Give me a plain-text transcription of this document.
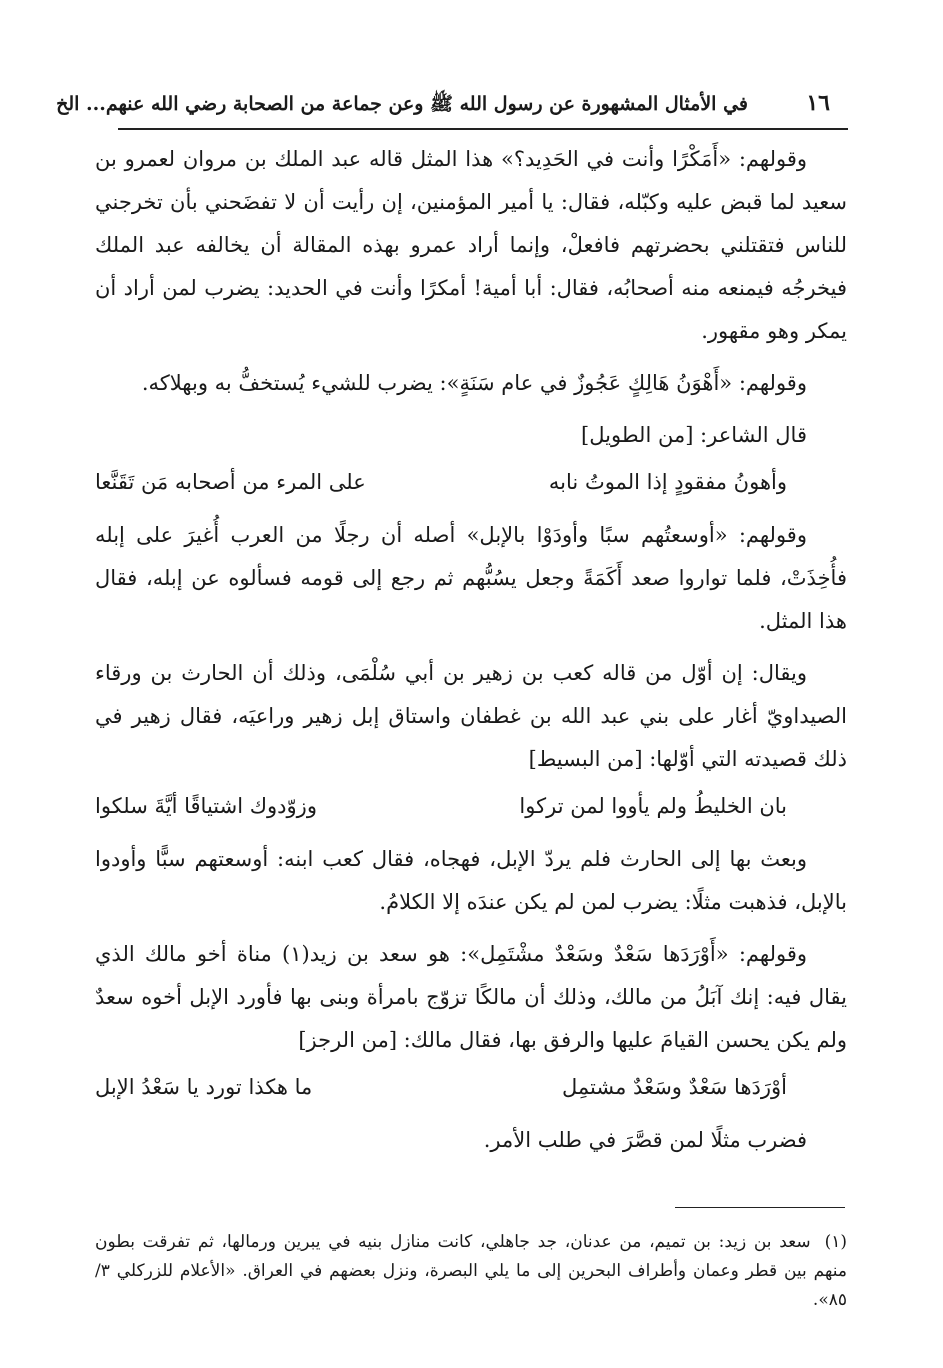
١٦
في الأمثال المشهورة عن رسول الله ﷺ وعن جماعة من الصحابة رضي الله عنهم... الخ

وقولهم: «أَمَكْرًا وأنت في الحَدِيد؟» هذا المثل قاله عبد الملك بن مروان لعمرو بن سعيد لما قبض عليه وكبّله، فقال: يا أمير المؤمنين، إن رأيت أن لا تفضَحني بأن تخرجني للناس فتقتلني بحضرتهم فافعلْ، وإنما أراد عمرو بهذه المقالة أن يخالفه عبد الملك فيخرجُه فيمنعه منه أصحابُه، فقال: أبا أمية! أمكرًا وأنت في الحديد: يضرب لمن أراد أن يمكر وهو مقهور.

وقولهم: «أَهْوَنُ هَالِكٍ عَجُوزٌ في عام سَنَةٍ»: يضرب للشيء يُستخفُّ به وبهلاكه.

قال الشاعر: [من الطويل]

وأهونُ مفقودٍ إذا الموتُ نابه
على المرء من أصحابه مَن تَقَنَّعا

وقولهم: «أوسعتُهم سبًا وأودَوْا بالإبل» أصله أن رجلًا من العرب أُغيرَ على إبله فأُخِذَتْ، فلما تواروا صعد أَكَمَةً وجعل يسُبُّهم ثم رجع إلى قومه فسألوه عن إبله، فقال هذا المثل.

ويقال: إن أوّل من قاله كعب بن زهير بن أبي سُلْمَى، وذلك أن الحارث بن ورقاء الصيداويّ أغار على بني عبد الله بن غطفان واستاق إبل زهير وراعيَه، فقال زهير في ذلك قصيدته التي أوّلها: [من البسيط]

بان الخليطُ ولم يأووا لمن تركوا
وزوّدوك اشتياقًا أيَّةَ سلكوا

وبعث بها إلى الحارث فلم يردّ الإبل، فهجاه، فقال كعب ابنه: أوسعتهم سبًّا وأودوا بالإبل، فذهبت مثلًا: يضرب لمن لم يكن عندَه إلا الكلامُ.

وقولهم: «أَوْرَدَها سَعْدٌ وسَعْدٌ مشْتَمِل»: هو سعد بن زيد(١) مناة أخو مالك الذي يقال فيه: إنك آبَلُ من مالك، وذلك أن مالكًا تزوّج بامرأة وبنى بها فأورد الإبل أخوه سعدٌ ولم يكن يحسن القيامَ عليها والرفق بها، فقال مالك: [من الرجز]

أوْرَدَها سَعْدٌ وسَعْدٌ مشتمِل
ما هكذا تورد يا سَعْدُ الإبل

فضرب مثلًا لمن قصَّرَ في طلب الأمر.

(١)سعد بن زيد: بن تميم، من عدنان، جد جاهلي، كانت منازل بنيه في يبرين ورمالها، ثم تفرقت بطون منهم بين قطر وعمان وأطراف البحرين إلى ما يلي البصرة، ونزل بعضهم في العراق. «الأعلام للزركلي ٣/ ٨٥».
